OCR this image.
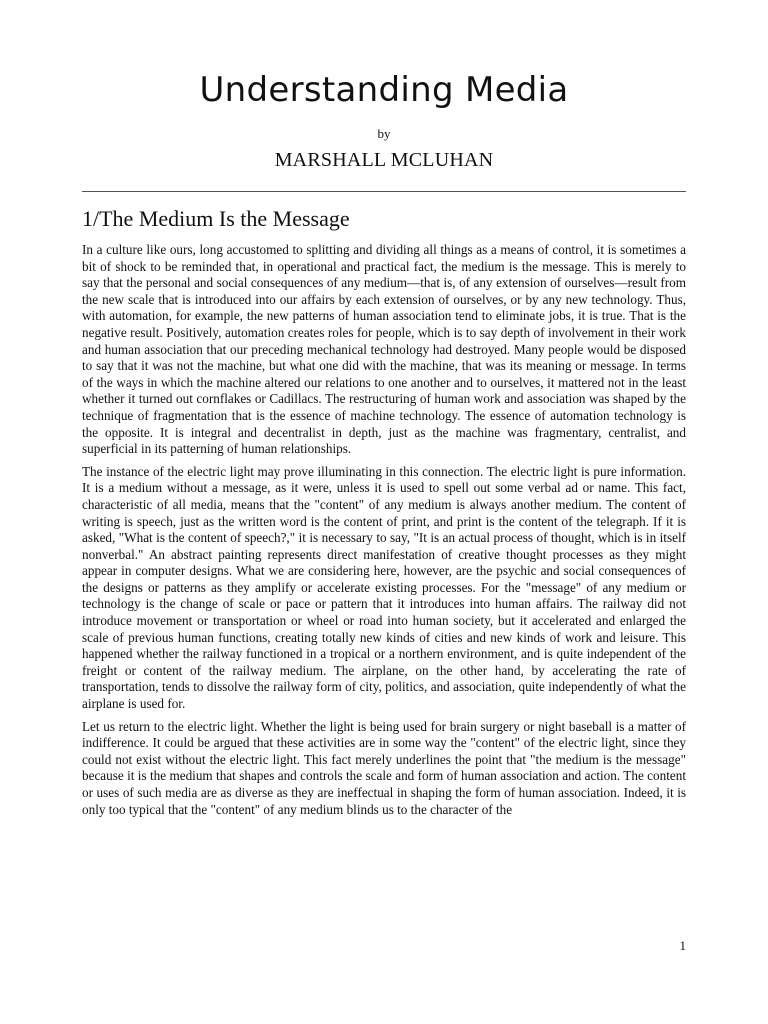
Understanding Media
by
MARSHALL MCLUHAN
1/The Medium Is the Message

In a culture like ours, long accustomed to splitting and dividing all things as a means of control, it is sometimes a bit of shock to be reminded that, in operational and practical fact, the medium is the message. This is merely to say that the personal and social consequences of any medium—that is, of any extension of ourselves—result from the new scale that is introduced into our affairs by each extension of ourselves, or by any new technology. Thus, with automation, for example, the new patterns of human association tend to eliminate jobs, it is true. That is the negative result. Positively, automation creates roles for people, which is to say depth of involvement in their work and human association that our preceding mechanical technology had destroyed. Many people would be disposed to say that it was not the machine, but what one did with the machine, that was its meaning or message. In terms of the ways in which the machine altered our relations to one another and to ourselves, it mattered not in the least whether it turned out cornflakes or Cadillacs. The restructuring of human work and association was shaped by the technique of fragmentation that is the essence of machine technology. The essence of automation technology is the opposite. It is integral and decentralist in depth, just as the machine was fragmentary, centralist, and superficial in its patterning of human relationships.

The instance of the electric light may prove illuminating in this connection. The electric light is pure information. It is a medium without a message, as it were, unless it is used to spell out some verbal ad or name. This fact, characteristic of all media, means that the "content" of any medium is always another medium. The content of writing is speech, just as the written word is the content of print, and print is the content of the telegraph. If it is asked, "What is the content of speech?," it is necessary to say, "It is an actual process of thought, which is in itself nonverbal." An abstract painting represents direct manifestation of creative thought processes as they might appear in computer designs. What we are considering here, however, are the psychic and social consequences of the designs or patterns as they amplify or accelerate existing processes. For the "message" of any medium or technology is the change of scale or pace or pattern that it introduces into human affairs. The railway did not introduce movement or transportation or wheel or road into human society, but it accelerated and enlarged the scale of previous human functions, creating totally new kinds of cities and new kinds of work and leisure. This happened whether the railway functioned in a tropical or a northern environment, and is quite independent of the freight or content of the railway medium. The airplane, on the other hand, by accelerating the rate of transportation, tends to dissolve the railway form of city, politics, and association, quite independently of what the airplane is used for.

Let us return to the electric light. Whether the light is being used for brain surgery or night baseball is a matter of indifference. It could be argued that these activities are in some way the "content" of the electric light, since they could not exist without the electric light. This fact merely underlines the point that "the medium is the message" because it is the medium that shapes and controls the scale and form of human association and action. The content or uses of such media are as diverse as they are ineffectual in shaping the form of human association. Indeed, it is only too typical that the "content" of any medium blinds us to the character of the

1
